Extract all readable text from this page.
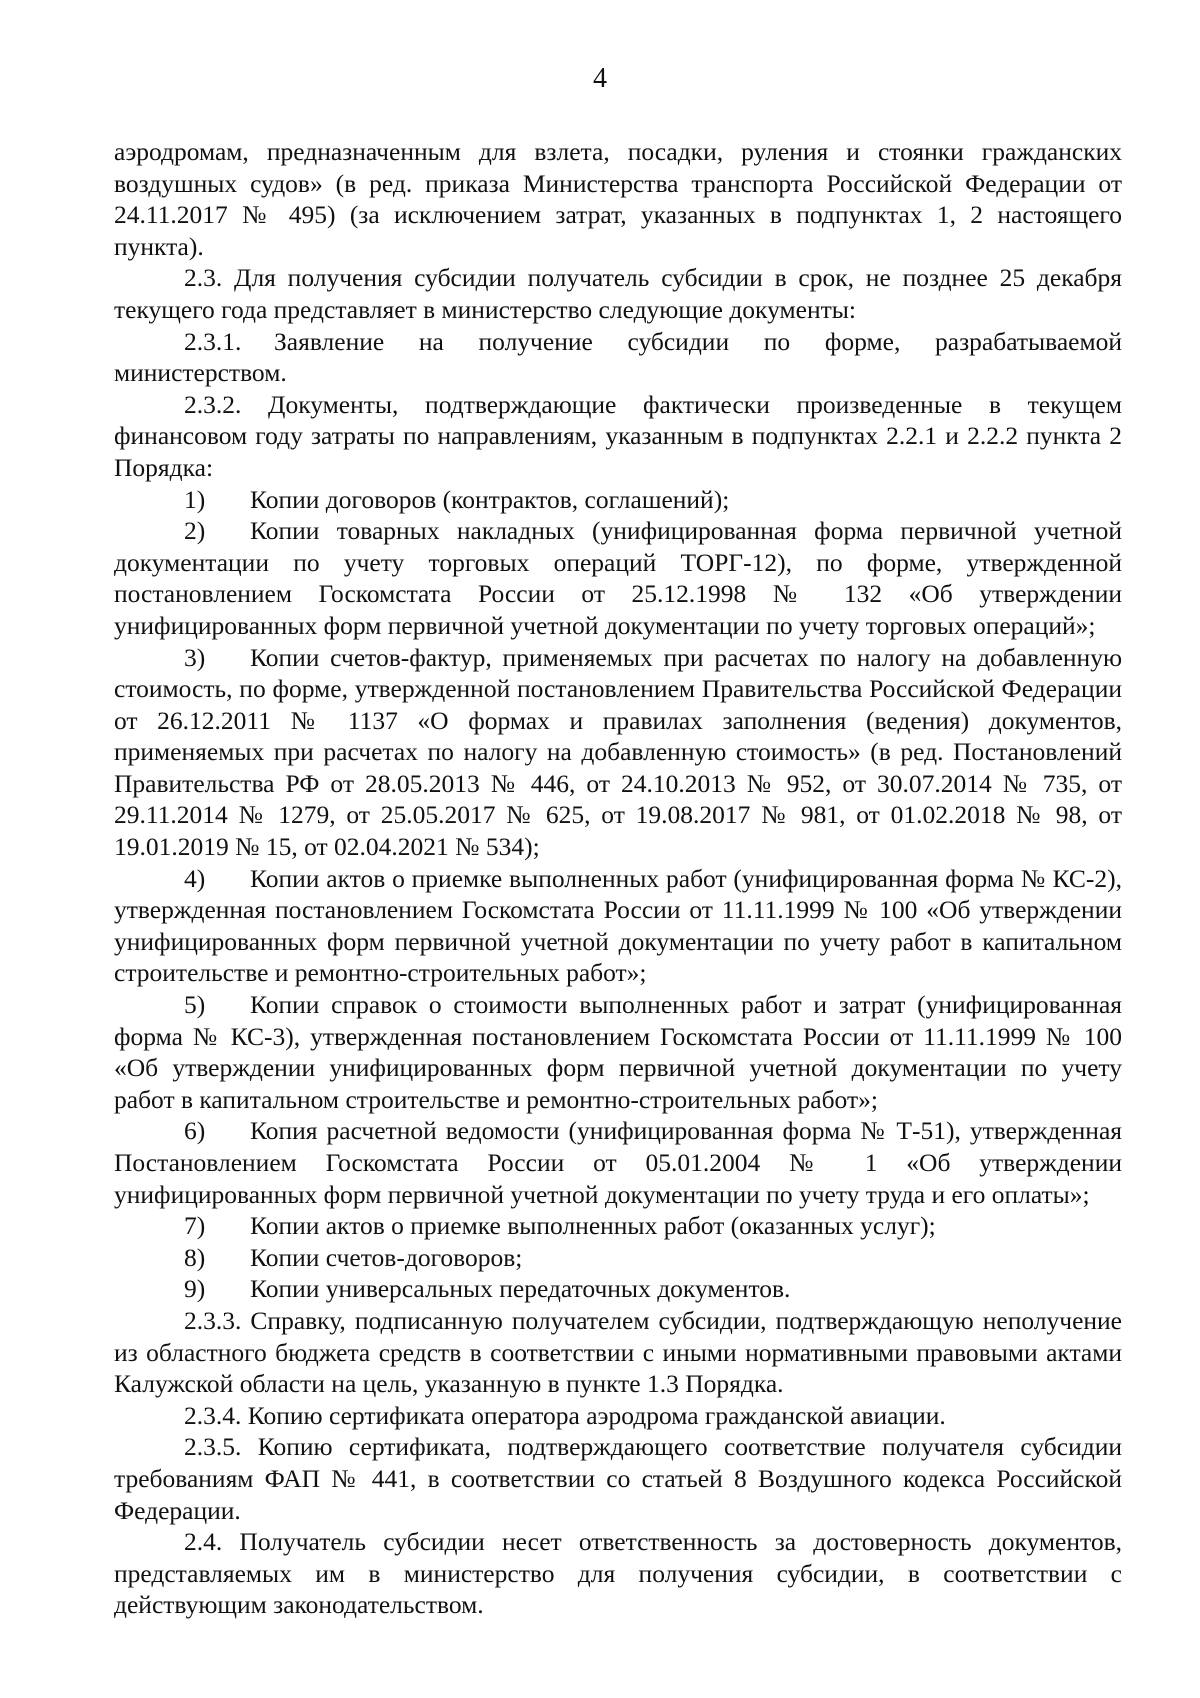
4

аэродромам, предназначенным для взлета, посадки, руления и стоянки гражданских воздушных судов» (в ред. приказа Министерства транспорта Российской Федерации от 24.11.2017 № 495) (за исключением затрат, указанных в подпунктах 1, 2 настоящего пункта).

2.3. Для получения субсидии получатель субсидии в срок, не позднее 25 декабря текущего года представляет в министерство следующие документы:

2.3.1. Заявление на получение субсидии по форме, разрабатываемой министерством.

2.3.2. Документы, подтверждающие фактически произведенные в текущем финансовом году затраты по направлениям, указанным в подпунктах 2.2.1 и 2.2.2 пункта 2 Порядка:

1) Копии договоров (контрактов, соглашений);

2) Копии товарных накладных (унифицированная форма первичной учетной документации по учету торговых операций ТОРГ-12), по форме, утвержденной постановлением Госкомстата России от 25.12.1998 № 132 «Об утверждении унифицированных форм первичной учетной документации по учету торговых операций»;

3) Копии счетов-фактур, применяемых при расчетах по налогу на добавленную стоимость, по форме, утвержденной постановлением Правительства Российской Федерации от 26.12.2011 № 1137 «О формах и правилах заполнения (ведения) документов, применяемых при расчетах по налогу на добавленную стоимость» (в ред. Постановлений Правительства РФ от 28.05.2013 № 446, от 24.10.2013 № 952, от 30.07.2014 № 735, от 29.11.2014 № 1279, от 25.05.2017 № 625, от 19.08.2017 № 981, от 01.02.2018 № 98, от 19.01.2019 № 15, от 02.04.2021 № 534);

4) Копии актов о приемке выполненных работ (унифицированная форма № КС-2), утвержденная постановлением Госкомстата России от 11.11.1999 № 100 «Об утверждении унифицированных форм первичной учетной документации по учету работ в капитальном строительстве и ремонтно-строительных работ»;

5) Копии справок о стоимости выполненных работ и затрат (унифицированная форма № КС-3), утвержденная постановлением Госкомстата России от 11.11.1999 № 100 «Об утверждении унифицированных форм первичной учетной документации по учету работ в капитальном строительстве и ремонтно-строительных работ»;

6) Копия расчетной ведомости (унифицированная форма № Т-51), утвержденная Постановлением Госкомстата России от 05.01.2004 № 1 «Об утверждении унифицированных форм первичной учетной документации по учету труда и его оплаты»;

7) Копии актов о приемке выполненных работ (оказанных услуг);

8) Копии счетов-договоров;

9) Копии универсальных передаточных документов.

2.3.3. Справку, подписанную получателем субсидии, подтверждающую неполучение из областного бюджета средств в соответствии с иными нормативными правовыми актами Калужской области на цель, указанную в пункте 1.3 Порядка.

2.3.4. Копию сертификата оператора аэродрома гражданской авиации.

2.3.5. Копию сертификата, подтверждающего соответствие получателя субсидии требованиям ФАП № 441, в соответствии со статьей 8 Воздушного кодекса Российской Федерации.

2.4. Получатель субсидии несет ответственность за достоверность документов, представляемых им в министерство для получения субсидии, в соответствии с действующим законодательством.
